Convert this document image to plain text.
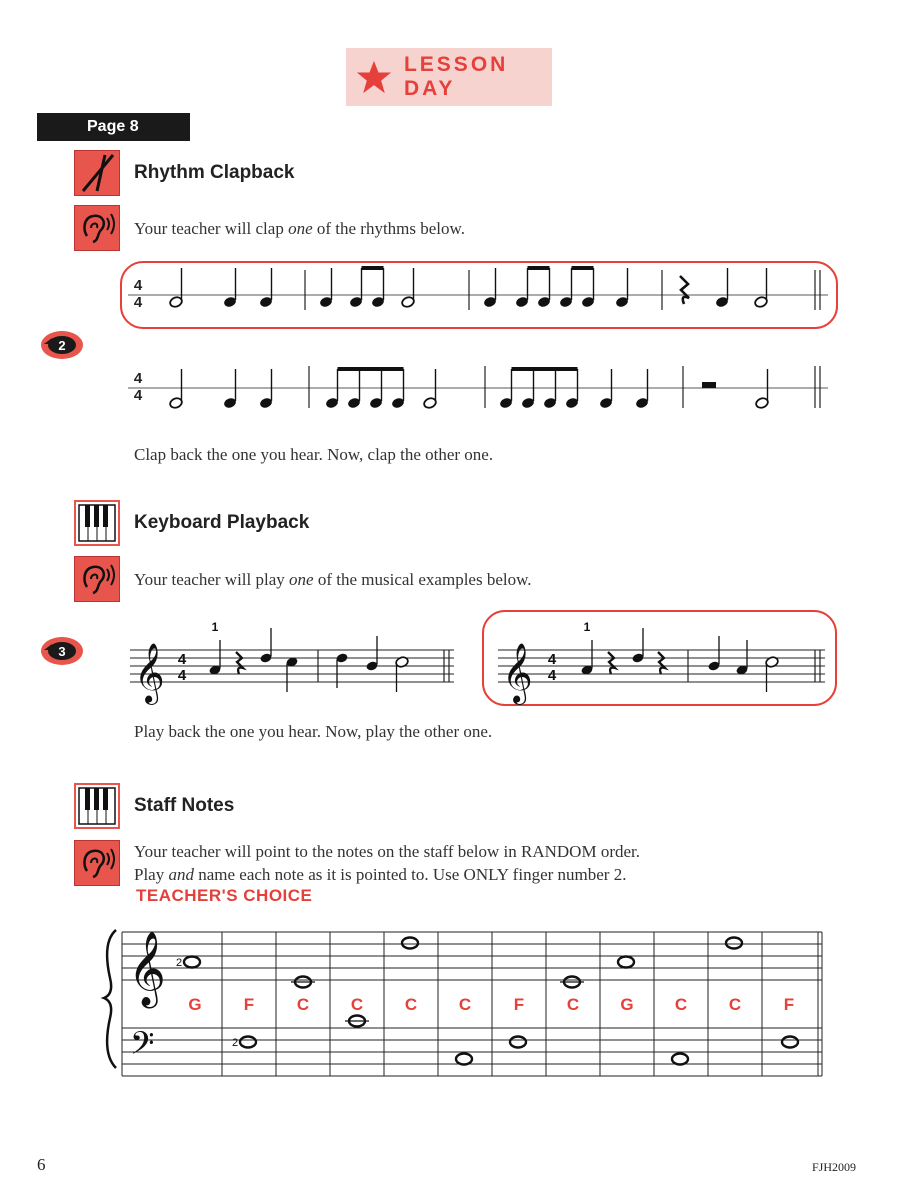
LESSON DAY
Page 8
Rhythm Clapback
Your teacher will clap one of the rhythms below.
2
4
4
4
4
Clap back the one you hear. Now, clap the other one.
Keyboard Playback
Your teacher will play one of the musical examples below.
3 𝄞 4
4
1
𝄞 4
4
1
Play back the one you hear. Now, play the other one.
Staff Notes
Your teacher will point to the notes on the staff below in RANDOM order.
Play and name each note as it is pointed to. Use ONLY finger number 2.
TEACHER'S CHOICE
𝄞
𝄢
2
2
G F	C C C C	F	C G C C	F
6	FJH2009
